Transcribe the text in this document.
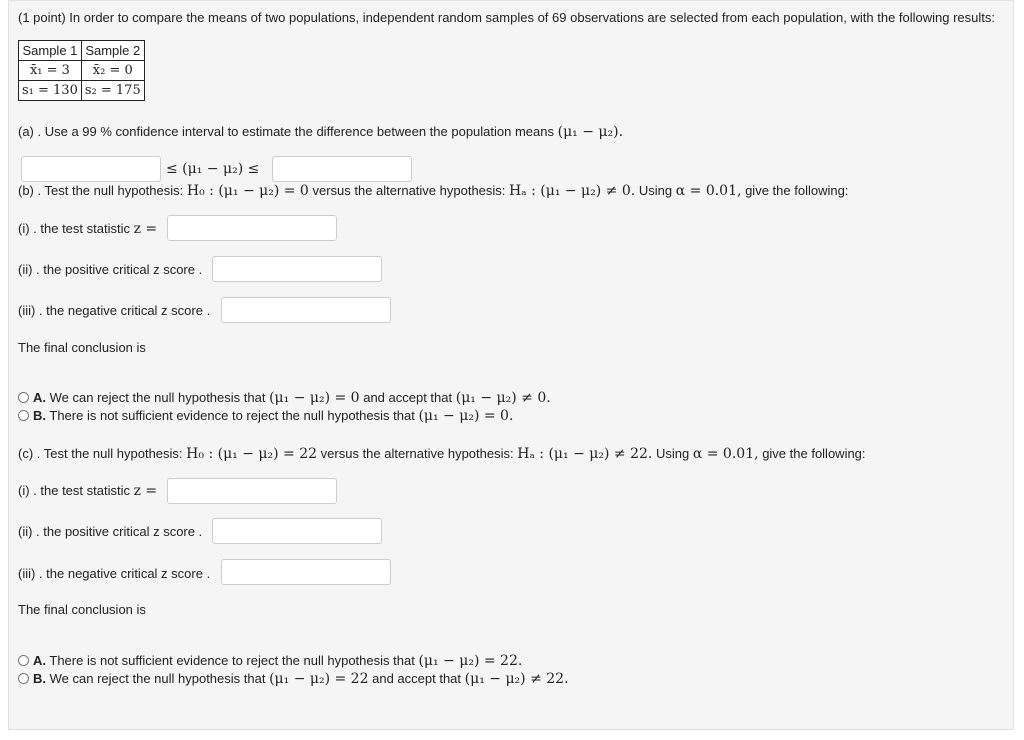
(1 point) In order to compare the means of two populations, independent random samples of 69 observations are selected from each population, with the following results:
Sample 1	Sample 2
x̄₁ = 3	x̄₂ = 0
s₁ = 130	s₂ = 175
(a) . Use a 99 % confidence interval to estimate the difference between the population means (μ₁ − μ₂).
≤ (μ₁ − μ₂) ≤
(b) . Test the null hypothesis: H₀ : (μ₁ − μ₂) = 0 versus the alternative hypothesis: Hₐ : (μ₁ − μ₂) ≠ 0. Using α = 0.01, give the following:
(i) . the test statistic z =
(ii) . the positive critical z score .
(iii) . the negative critical z score .
The final conclusion is
A. We can reject the null hypothesis that (μ₁ − μ₂) = 0 and accept that (μ₁ − μ₂) ≠ 0.
B. There is not sufficient evidence to reject the null hypothesis that (μ₁ − μ₂) = 0.
(c) . Test the null hypothesis: H₀ : (μ₁ − μ₂) = 22 versus the alternative hypothesis: Hₐ : (μ₁ − μ₂) ≠ 22. Using α = 0.01, give the following:
(i) . the test statistic z =
(ii) . the positive critical z score .
(iii) . the negative critical z score .
The final conclusion is
A. There is not sufficient evidence to reject the null hypothesis that (μ₁ − μ₂) = 22.
B. We can reject the null hypothesis that (μ₁ − μ₂) = 22 and accept that (μ₁ − μ₂) ≠ 22.
